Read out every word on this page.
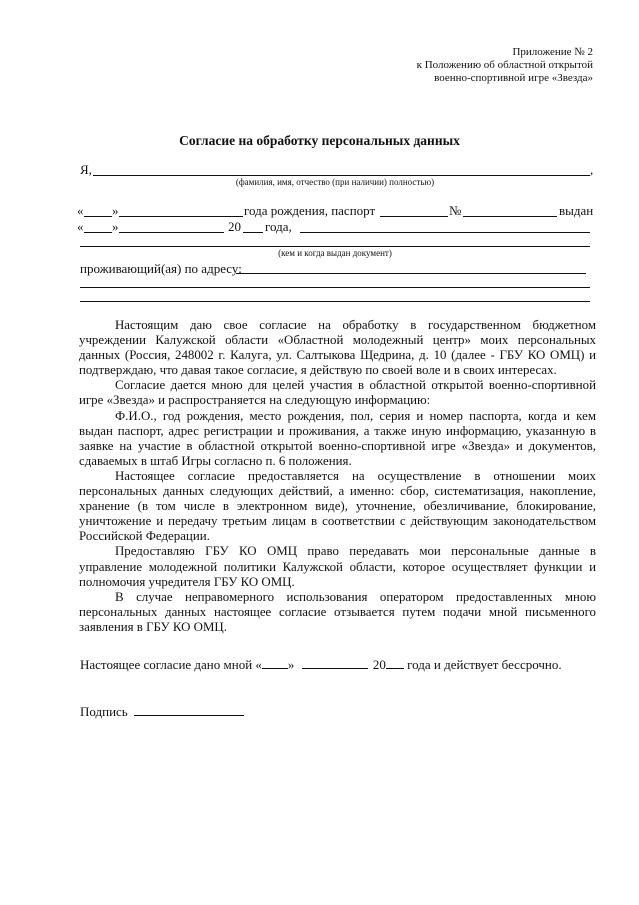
Приложение № 2
к Положению об областной открытой
военно-спортивной игре «Звезда»
Согласие на обработку персональных данных
Я,	,
(фамилия, имя, отчество (при наличии) полностью)
« »	года рождения, паспорт	№	выдан
« »	20 года,
(кем и когда выдан документ)
проживающий(ая) по адресу:

Настоящим даю свое согласие на обработку в государственном бюджетном учреждении Калужской области «Областной молодежный центр» моих персональных данных (Россия, 248002 г. Калуга, ул. Салтыкова Щедрина, д. 10 (далее - ГБУ КО ОМЦ) и подтверждаю, что давая такое согласие, я действую по своей воле и в своих интересах.

Согласие дается мною для целей участия в областной открытой военно-спортивной игре «Звезда» и распространяется на следующую информацию:

Ф.И.О., год рождения, место рождения, пол, серия и номер паспорта, когда и кем выдан паспорт, адрес регистрации и проживания, а также иную информацию, указанную в заявке на участие в областной открытой военно-спортивной игре «Звезда» и документов, сдаваемых в штаб Игры согласно п. 6 положения.

Настоящее согласие предоставляется на осуществление в отношении моих персональных данных следующих действий, а именно: сбор, систематизация, накопление, хранение (в том числе в электронном виде), уточнение, обезличивание, блокирование, уничтожение и передачу третьим лицам в соответствии с действующим законодательством Российской Федерации.

Предоставляю ГБУ КО ОМЦ право передавать мои персональные данные в управление молодежной политики Калужской области, которое осуществляет функции и полномочия учредителя ГБУ КО ОМЦ.

В случае неправомерного использования оператором предоставленных мною персональных данных настоящее согласие отзывается путем подачи мной письменного заявления в ГБУ КО ОМЦ.

Настоящее согласие дано мной « »	20 года и действует бессрочно.
Подпись
